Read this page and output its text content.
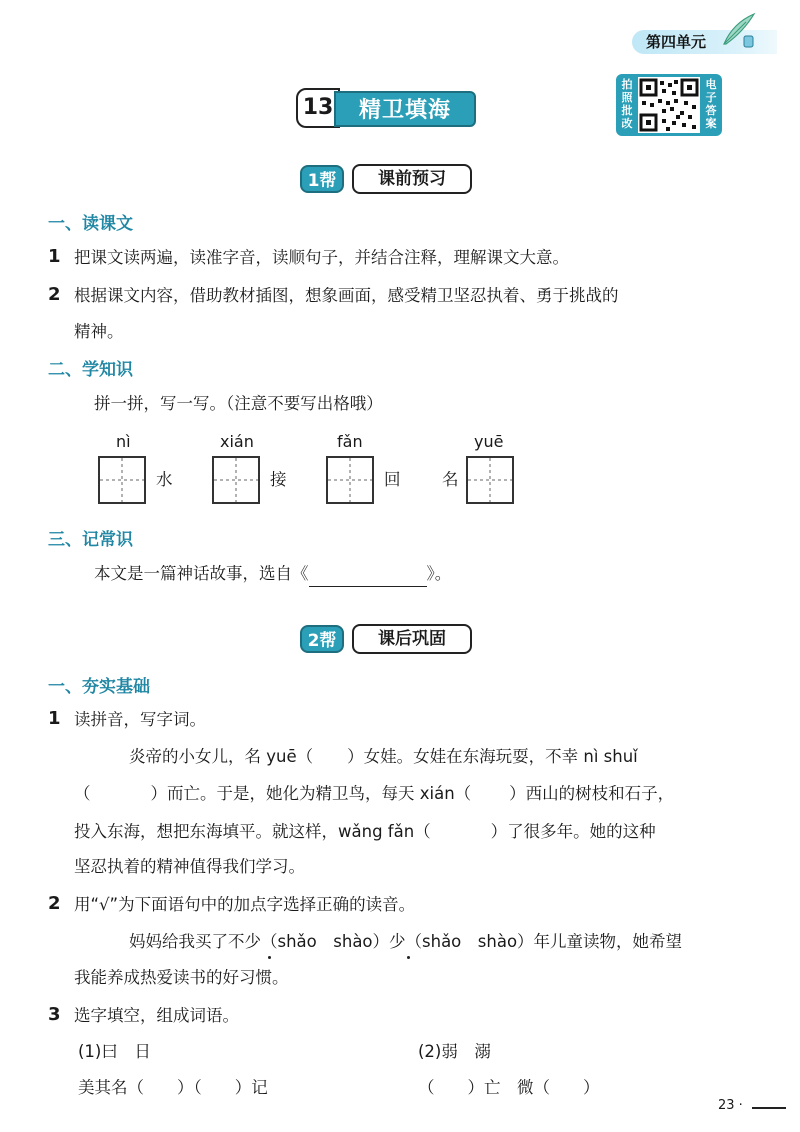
第四单元
13	精卫填海
拍照批改
电子答案
1帮	课前预习
一、读课文
1 把课文读两遍，读准字音，读顺句子，并结合注释，理解课文大意。
2 根据课文内容，借助教材插图，想象画面，感受精卫坚忍执着、勇于挑战的
精神。
二、学知识
拼一拼，写一写。（注意不要写出格哦）
nì	xián	fǎn	yuē
水	接	回	名
三、记常识
本文是一篇神话故事，选自《	》。
2帮	课后巩固
一、夯实基础
1 读拼音，写字词。
炎帝的小女儿，名 yuē（ ）女娃。女娃在东海玩耍，不幸 nì shuǐ
（	）而亡。于是，她化为精卫鸟，每天 xián（ ）西山的树枝和石子，
投入东海，想把东海填平。就这样，wǎng fǎn（	）了很多年。她的这种
坚忍执着的精神值得我们学习。
2 用“√”为下面语句中的加点字选择正确的读音。
妈妈给我买了不少（shǎo　shào）少（shǎo　shào）年儿童读物，她希望
我能养成热爱读书的好习惯。
3 选字填空，组成词语。
(1)曰　日	(2)弱　溺
美其名（　　）（　　）记	（　　）亡　微（　　）
23 ·
